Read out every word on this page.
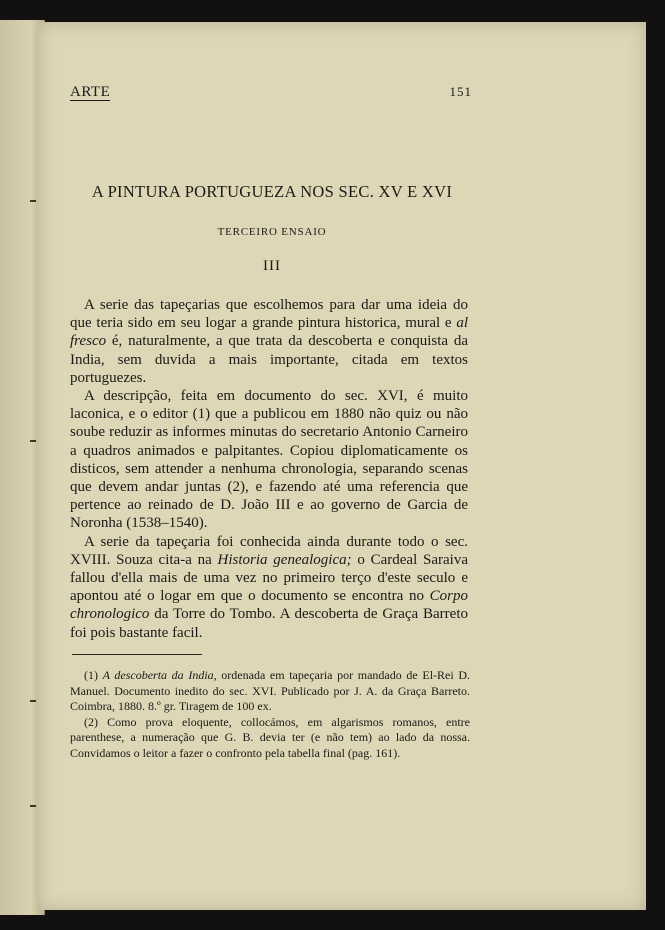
ARTE	151
A PINTURA PORTUGUEZA NOS SEC. XV E XVI
TERCEIRO ENSAIO
III

A serie das tapeçarias que escolhemos para dar uma ideia do que teria sido em seu logar a grande pintura historica, mural e al fresco é, naturalmente, a que trata da descoberta e conquista da India, sem duvida a mais importante, citada em textos portuguezes.

A descripção, feita em documento do sec. XVI, é muito laconica, e o editor (1) que a publicou em 1880 não quiz ou não soube reduzir as informes minutas do secretario Antonio Carneiro a quadros animados e palpitantes. Copiou diplomaticamente os disticos, sem attender a nenhuma chronologia, separando scenas que devem andar juntas (2), e fazendo até uma referencia que pertence ao reinado de D. João III e ao governo de Garcia de Noronha (1538–1540).

A serie da tapeçaria foi conhecida ainda durante todo o sec. XVIII. Souza cita-a na Historia genealogica; o Cardeal Saraiva fallou d'ella mais de uma vez no primeiro terço d'este seculo e apontou até o logar em que o documento se encontra no Corpo chronologico da Torre do Tombo. A descoberta de Graça Barreto foi pois bastante facil.

(1) A descoberta da India, ordenada em tapeçaria por mandado de El-Rei D. Manuel. Documento inedito do sec. XVI. Publicado por J. A. da Graça Barreto. Coimbra, 1880. 8.º gr. Tiragem de 100 ex.

(2) Como prova eloquente, collocámos, em algarismos romanos, entre parenthese, a numeração que G. B. devia ter (e não tem) ao lado da nossa. Convidamos o leitor a fazer o confronto pela tabella final (pag. 161).
